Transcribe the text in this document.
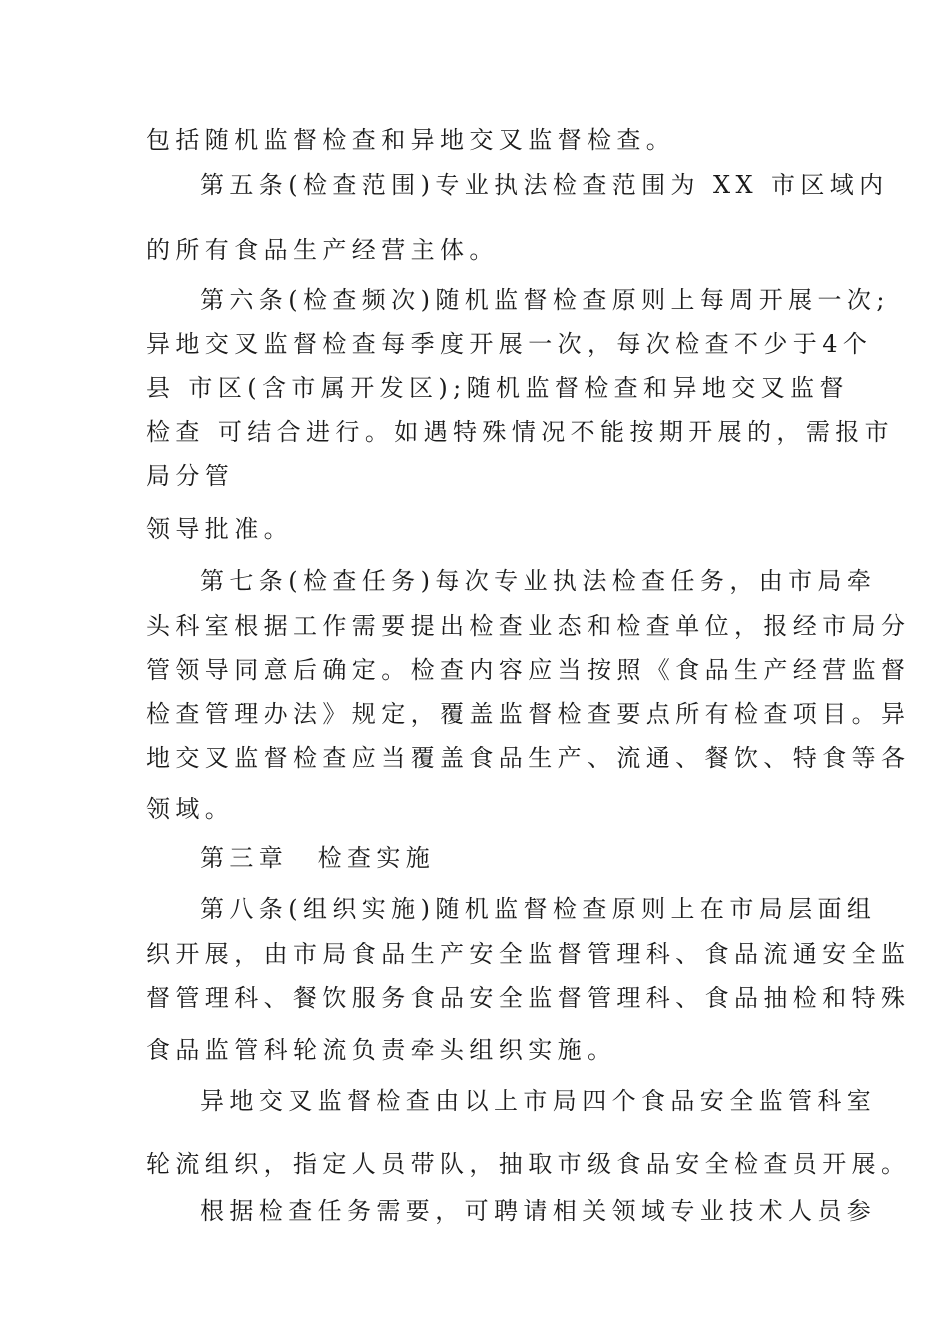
包括随机监督检查和异地交叉监督检查。
第五条(检查范围)专业执法检查范围为 XX 市区域内
的所有食品生产经营主体。
第六条(检查频次)随机监督检查原则上每周开展一次;
异地交叉监督检查每季度开展一次，每次检查不少于4个
县 市区(含市属开发区);随机监督检查和异地交叉监督
检查 可结合进行。如遇特殊情况不能按期开展的，需报市
局分管
领导批准。
第七条(检查任务)每次专业执法检查任务，由市局牵
头科室根据工作需要提出检查业态和检查单位，报经市局分
管领导同意后确定。检查内容应当按照《食品生产经营监督
检查管理办法》规定，覆盖监督检查要点所有检查项目。异
地交叉监督检查应当覆盖食品生产、流通、餐饮、特食等各
领域。
第三章　检查实施
第八条(组织实施)随机监督检查原则上在市局层面组
织开展，由市局食品生产安全监督管理科、食品流通安全监
督管理科、餐饮服务食品安全监督管理科、食品抽检和特殊
食品监管科轮流负责牵头组织实施。
异地交叉监督检查由以上市局四个食品安全监管科室
轮流组织，指定人员带队，抽取市级食品安全检查员开展。
根据检查任务需要，可聘请相关领域专业技术人员参
